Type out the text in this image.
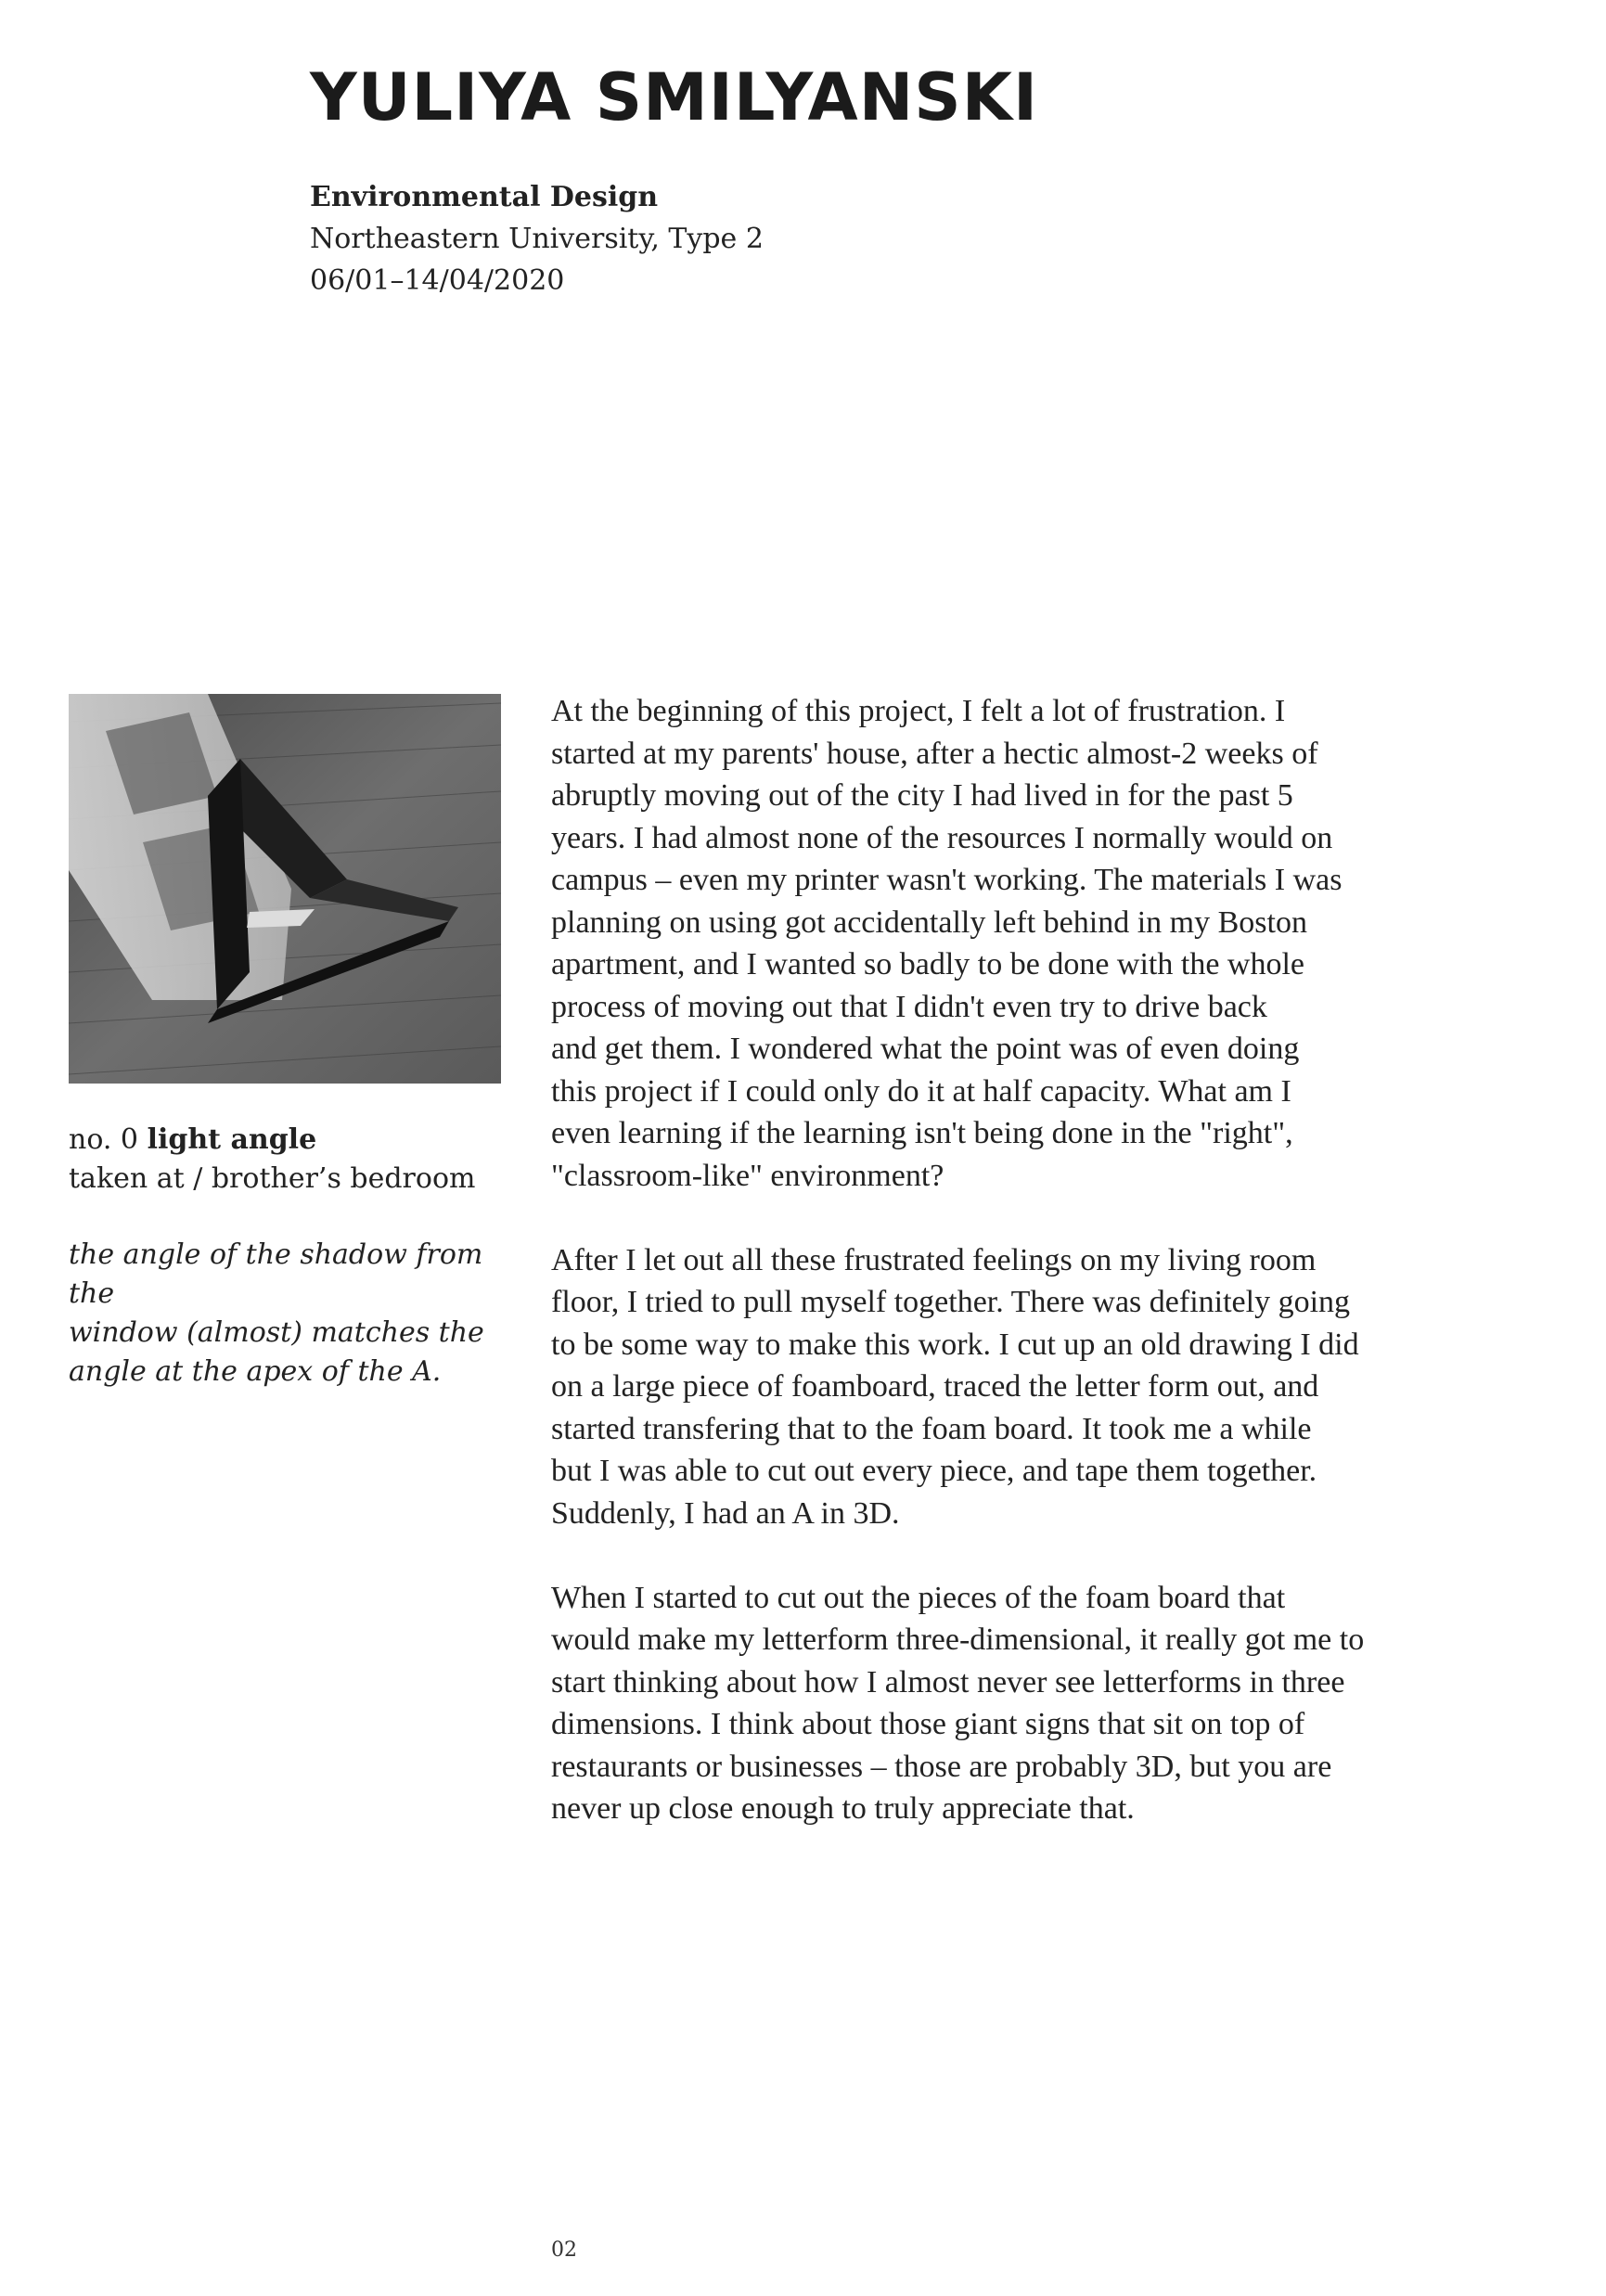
YULIYA SMILYANSKI
Environmental Design
Northeastern University, Type 2
06/01–14/04/2020
no. 0 light angle
taken at / brother’s bedroom
the angle of the shadow from the
window (almost) matches the
angle at the apex of the A.

At the beginning of this project, I felt a lot of frustration. I
started at my parents' house, after a hectic almost-2 weeks of
abruptly moving out of the city I had lived in for the past 5
years. I had almost none of the resources I normally would on
campus – even my printer wasn't working. The materials I was
planning on using got accidentally left behind in my Boston
apartment, and I wanted so badly to be done with the whole
process of moving out that I didn't even try to drive back
and get them. I wondered what the point was of even doing
this project if I could only do it at half capacity. What am I
even learning if the learning isn't being done in the "right",
"classroom-like" environment?

After I let out all these frustrated feelings on my living room
floor, I tried to pull myself together. There was definitely going
to be some way to make this work. I cut up an old drawing I did
on a large piece of foamboard, traced the letter form out, and
started transfering that to the foam board. It took me a while
but I was able to cut out every piece, and tape them together.
Suddenly, I had an A in 3D.

When I started to cut out the pieces of the foam board that
would make my letterform three-dimensional, it really got me to
start thinking about how I almost never see letterforms in three
dimensions. I think about those giant signs that sit on top of
restaurants or businesses – those are probably 3D, but you are
never up close enough to truly appreciate that.

02
